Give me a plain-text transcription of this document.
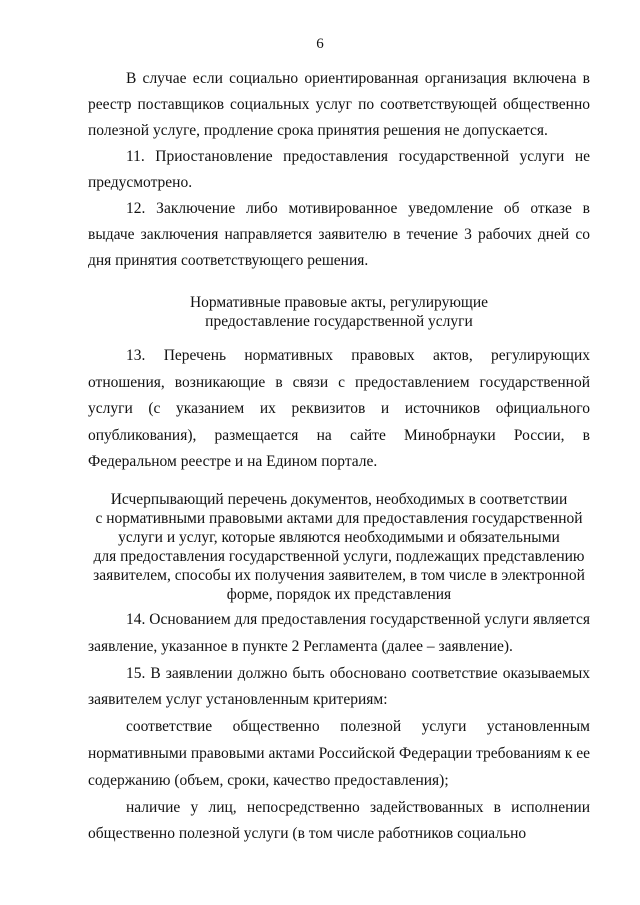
6

В случае если социально ориентированная организация включена в реестр поставщиков социальных услуг по соответствующей общественно полезной услуге, продление срока принятия решения не допускается.

11. Приостановление предоставления государственной услуги не предусмотрено.

12. Заключение либо мотивированное уведомление об отказе в выдаче заключения направляется заявителю в течение 3 рабочих дней со дня принятия соответствующего решения.

Нормативные правовые акты, регулирующие
предоставление государственной услуги

13. Перечень нормативных правовых актов, регулирующих отношения, возникающие в связи с предоставлением государственной услуги (с указанием их реквизитов и источников официального опубликования), размещается на сайте Минобрнауки России, в Федеральном реестре и на Едином портале.

Исчерпывающий перечень документов, необходимых в соответствии
с нормативными правовыми актами для предоставления государственной
услуги и услуг, которые являются необходимыми и обязательными
для предоставления государственной услуги, подлежащих представлению
заявителем, способы их получения заявителем, в том числе в электронной
форме, порядок их представления

14. Основанием для предоставления государственной услуги является заявление, указанное в пункте 2 Регламента (далее – заявление).

15. В заявлении должно быть обосновано соответствие оказываемых заявителем услуг установленным критериям:

соответствие общественно полезной услуги установленным нормативными правовыми актами Российской Федерации требованиям к ее содержанию (объем, сроки, качество предоставления);

наличие у лиц, непосредственно задействованных в исполнении общественно полезной услуги (в том числе работников социально
